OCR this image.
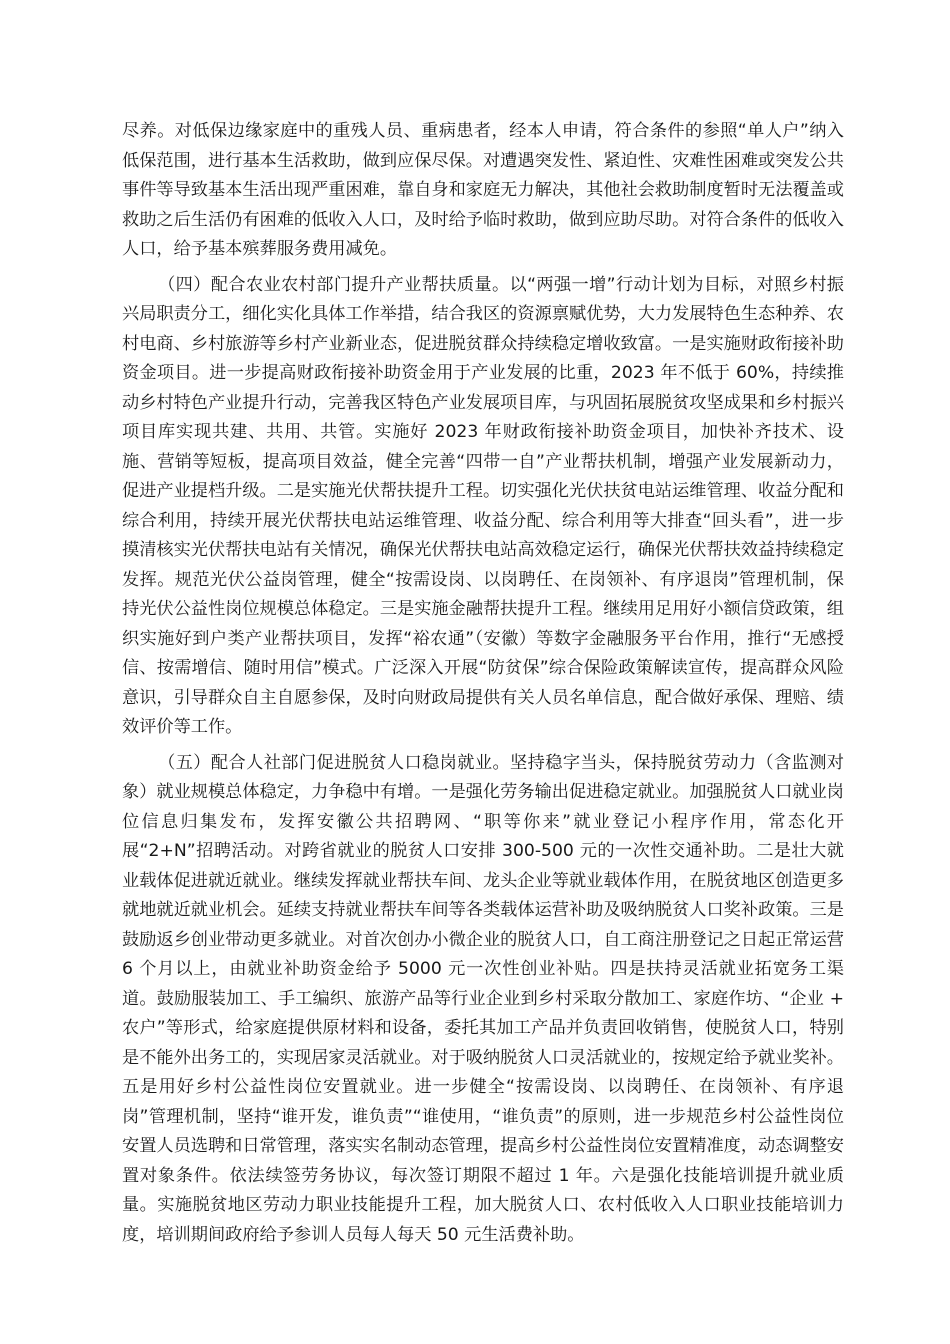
尽养。对低保边缘家庭中的重残人员、重病患者，经本人申请，符合条件的参照“单人户”纳入低保范围，进行基本生活救助，做到应保尽保。对遭遇突发性、紧迫性、灾难性困难或突发公共事件等导致基本生活出现严重困难，靠自身和家庭无力解决，其他社会救助制度暂时无法覆盖或救助之后生活仍有困难的低收入人口，及时给予临时救助，做到应助尽助。对符合条件的低收入人口，给予基本殡葬服务费用减免。

（四）配合农业农村部门提升产业帮扶质量。以“两强一增”行动计划为目标，对照乡村振兴局职责分工，细化实化具体工作举措，结合我区的资源禀赋优势，大力发展特色生态种养、农村电商、乡村旅游等乡村产业新业态，促进脱贫群众持续稳定增收致富。一是实施财政衔接补助资金项目。进一步提高财政衔接补助资金用于产业发展的比重，2023 年不低于 60%，持续推动乡村特色产业提升行动，完善我区特色产业发展项目库，与巩固拓展脱贫攻坚成果和乡村振兴项目库实现共建、共用、共管。实施好 2023 年财政衔接补助资金项目，加快补齐技术、设施、营销等短板，提高项目效益，健全完善“四带一自”产业帮扶机制，增强产业发展新动力，促进产业提档升级。二是实施光伏帮扶提升工程。切实强化光伏扶贫电站运维管理、收益分配和综合利用，持续开展光伏帮扶电站运维管理、收益分配、综合利用等大排查“回头看”，进一步摸清核实光伏帮扶电站有关情况，确保光伏帮扶电站高效稳定运行，确保光伏帮扶效益持续稳定发挥。规范光伏公益岗管理，健全“按需设岗、以岗聘任、在岗领补、有序退岗”管理机制，保持光伏公益性岗位规模总体稳定。三是实施金融帮扶提升工程。继续用足用好小额信贷政策，组织实施好到户类产业帮扶项目，发挥“裕农通”（安徽）等数字金融服务平台作用，推行“无感授信、按需增信、随时用信”模式。广泛深入开展“防贫保”综合保险政策解读宣传，提高群众风险意识，引导群众自主自愿参保，及时向财政局提供有关人员名单信息，配合做好承保、理赔、绩效评价等工作。

（五）配合人社部门促进脱贫人口稳岗就业。坚持稳字当头，保持脱贫劳动力（含监测对象）就业规模总体稳定，力争稳中有增。一是强化劳务输出促进稳定就业。加强脱贫人口就业岗位信息归集发布，发挥安徽公共招聘网、“职等你来”就业登记小程序作用，常态化开展“2+N”招聘活动。对跨省就业的脱贫人口安排 300-500 元的一次性交通补助。二是壮大就业载体促进就近就业。继续发挥就业帮扶车间、龙头企业等就业载体作用，在脱贫地区创造更多就地就近就业机会。延续支持就业帮扶车间等各类载体运营补助及吸纳脱贫人口奖补政策。三是鼓励返乡创业带动更多就业。对首次创办小微企业的脱贫人口，自工商注册登记之日起正常运营 6 个月以上，由就业补助资金给予 5000 元一次性创业补贴。四是扶持灵活就业拓宽务工渠道。鼓励服装加工、手工编织、旅游产品等行业企业到乡村采取分散加工、家庭作坊、“企业 + 农户”等形式，给家庭提供原材料和设备，委托其加工产品并负责回收销售，使脱贫人口，特别是不能外出务工的，实现居家灵活就业。对于吸纳脱贫人口灵活就业的，按规定给予就业奖补。五是用好乡村公益性岗位安置就业。进一步健全“按需设岗、以岗聘任、在岗领补、有序退岗”管理机制，坚持“谁开发，谁负责”“谁使用，“谁负责”的原则，进一步规范乡村公益性岗位安置人员选聘和日常管理，落实实名制动态管理，提高乡村公益性岗位安置精准度，动态调整安置对象条件。依法续签劳务协议，每次签订期限不超过 1 年。六是强化技能培训提升就业质量。实施脱贫地区劳动力职业技能提升工程，加大脱贫人口、农村低收入人口职业技能培训力度，培训期间政府给予参训人员每人每天 50 元生活费补助。
